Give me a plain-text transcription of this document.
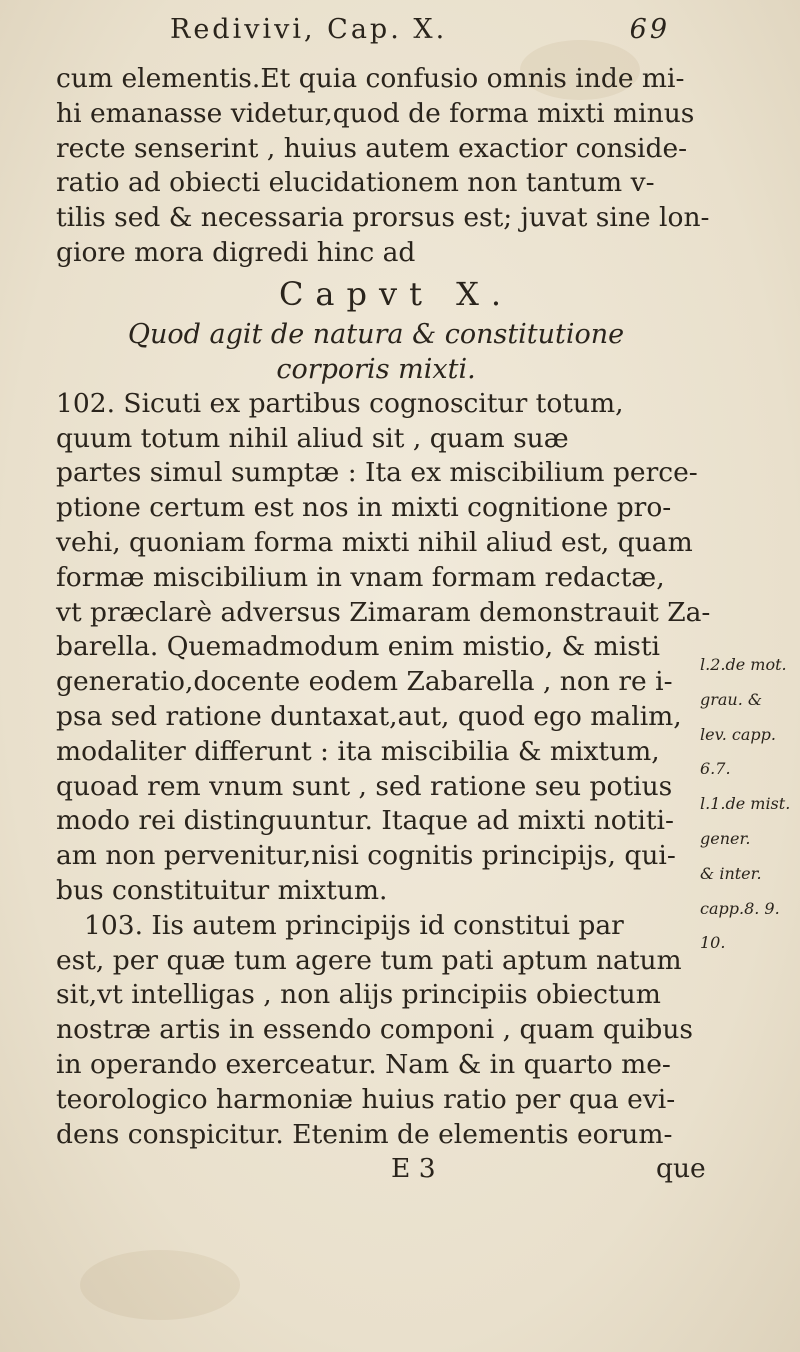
Redivivi, Cap. X.	69
cum elementis.Et quia confusio omnis inde mi-
hi emanasse videtur,quod de forma mixti minus
recte senserint , huius autem exactior conside-
ratio ad obiecti elucidationem non tantum v-
tilis sed & necessaria prorsus est; juvat sine lon-
giore mora digredi hinc ad
Capvt X.
Quod agit de natura & constitutione
corporis mixti.
102. Sicuti ex partibus cognoscitur totum,
quum totum nihil aliud sit , quam suæ
partes simul sumptæ : Ita ex miscibilium perce-
ptione certum est nos in mixti cognitione pro-
vehi, quoniam forma mixti nihil aliud est, quam
formæ miscibilium in vnam formam redactæ,
vt præclarè adversus Zimaram demonstrauit Za-
barella. Quemadmodum enim mistio, & misti
generatio,docente eodem Zabarella , non re i-
psa sed ratione duntaxat,aut, quod ego malim,
modaliter differunt : ita miscibilia & mixtum,
quoad rem vnum sunt , sed ratione seu potius
modo rei distinguuntur. Itaque ad mixti notiti-
am non pervenitur,nisi cognitis principijs, qui-
bus constituitur mixtum.
103. Iis autem principijs id constitui par
est, per quæ tum agere tum pati aptum natum
sit,vt intelligas , non alijs principiis obiectum
nostræ artis in essendo componi , quam quibus
in operando exerceatur. Nam & in quarto me-
teorologico harmoniæ huius ratio per qua evi-
dens conspicitur. Etenim de elementis eorum-
E 3	que
l.2.de mot.
grau. &
lev. capp.
6.7.
l.1.de mist.
gener.
& inter.
capp.8. 9.
10.
